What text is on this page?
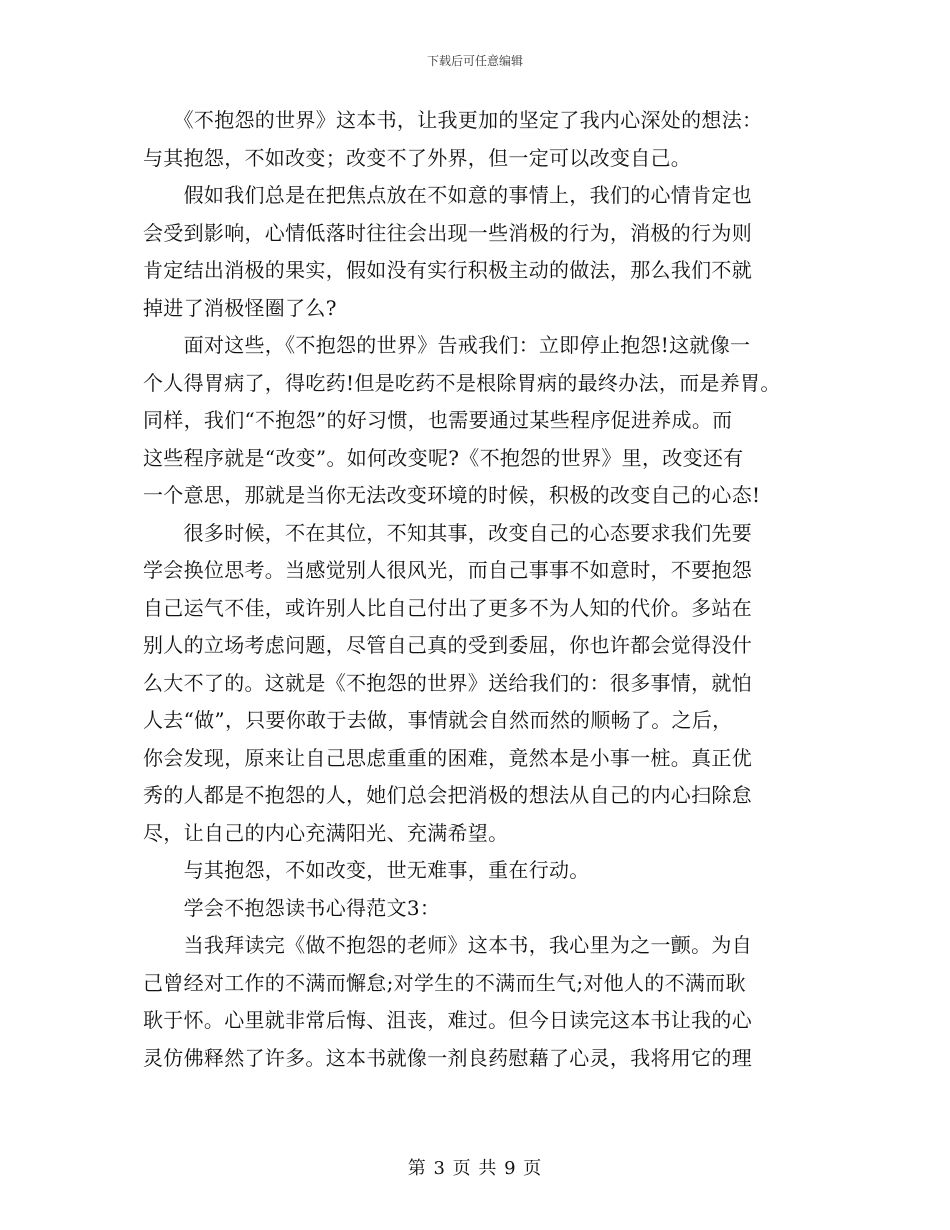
下载后可任意编辑
　　《不抱怨的世界》这本书，让我更加的坚定了我内心深处的想法：
与其抱怨，不如改变；改变不了外界，但一定可以改变自己。
　　假如我们总是在把焦点放在不如意的事情上，我们的心情肯定也
会受到影响，心情低落时往往会出现一些消极的行为，消极的行为则
肯定结出消极的果实，假如没有实行积极主动的做法，那么我们不就
掉进了消极怪圈了么?
　　面对这些，《不抱怨的世界》告戒我们：立即停止抱怨!这就像一
个人得胃病了，得吃药!但是吃药不是根除胃病的最终办法，而是养胃。
同样，我们“不抱怨”的好习惯，也需要通过某些程序促进养成。而
这些程序就是“改变”。如何改变呢?《不抱怨的世界》里，改变还有
一个意思，那就是当你无法改变环境的时候，积极的改变自己的心态!
　　很多时候，不在其位，不知其事，改变自己的心态要求我们先要
学会换位思考。当感觉别人很风光，而自己事事不如意时，不要抱怨
自己运气不佳，或许别人比自己付出了更多不为人知的代价。多站在
别人的立场考虑问题，尽管自己真的受到委屈，你也许都会觉得没什
么大不了的。这就是《不抱怨的世界》送给我们的：很多事情，就怕
人去“做”，只要你敢于去做，事情就会自然而然的顺畅了。之后，
你会发现，原来让自己思虑重重的困难，竟然本是小事一桩。真正优
秀的人都是不抱怨的人，她们总会把消极的想法从自己的内心扫除怠
尽，让自己的内心充满阳光、充满希望。
　　与其抱怨，不如改变，世无难事，重在行动。
　　学会不抱怨读书心得范文3：
　　当我拜读完《做不抱怨的老师》这本书，我心里为之一颤。为自
己曾经对工作的不满而懈怠;对学生的不满而生气;对他人的不满而耿
耿于怀。心里就非常后悔、沮丧，难过。但今日读完这本书让我的心
灵仿佛释然了许多。这本书就像一剂良药慰藉了心灵，我将用它的理
第 3 页 共 9 页
